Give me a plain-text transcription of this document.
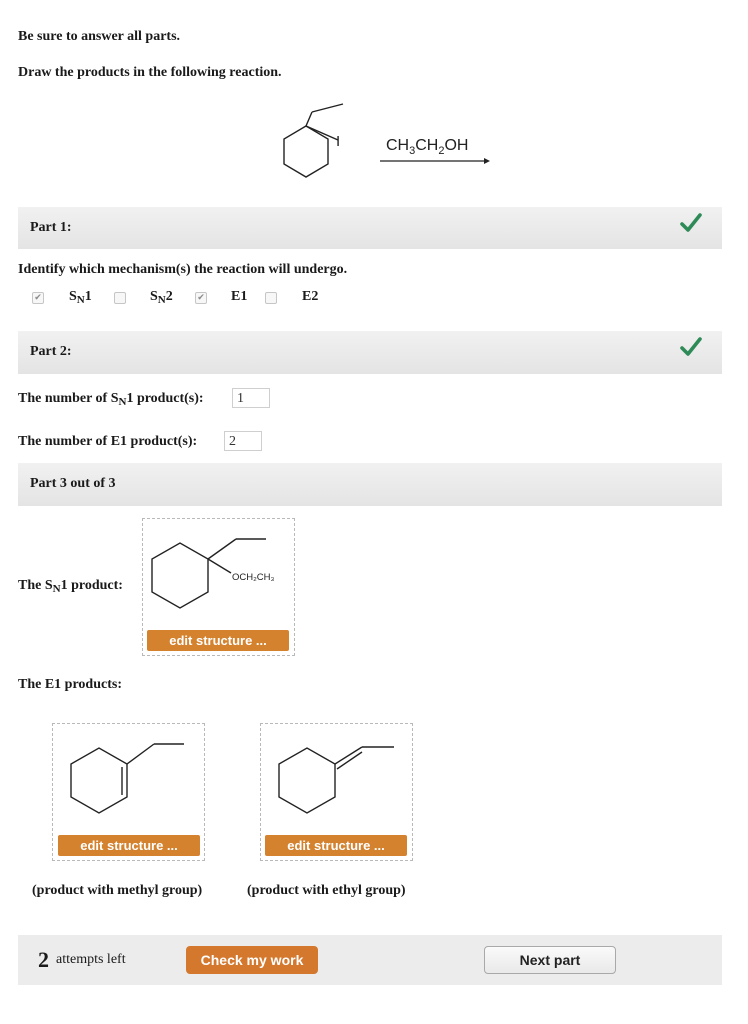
Be sure to answer all parts.
Draw the products in the following reaction.
I	$CH_3CH_2OH$
Part 1:
Identify which mechanism(s) the reaction will undergo.
✔ $S_N1$	$S_N2$	✔ E1	E2
Part 2:
The number of $S_N1$ product(s):	1
The number of E1 product(s):	2
Part 3 out of 3
The $S_N1$ product:
OCH₂CH₃
edit structure ...
The E1 products:
edit structure ...	edit structure ...
(product with methyl group)	(product with ethyl group)
2 attempts left	Check my work	Next part
